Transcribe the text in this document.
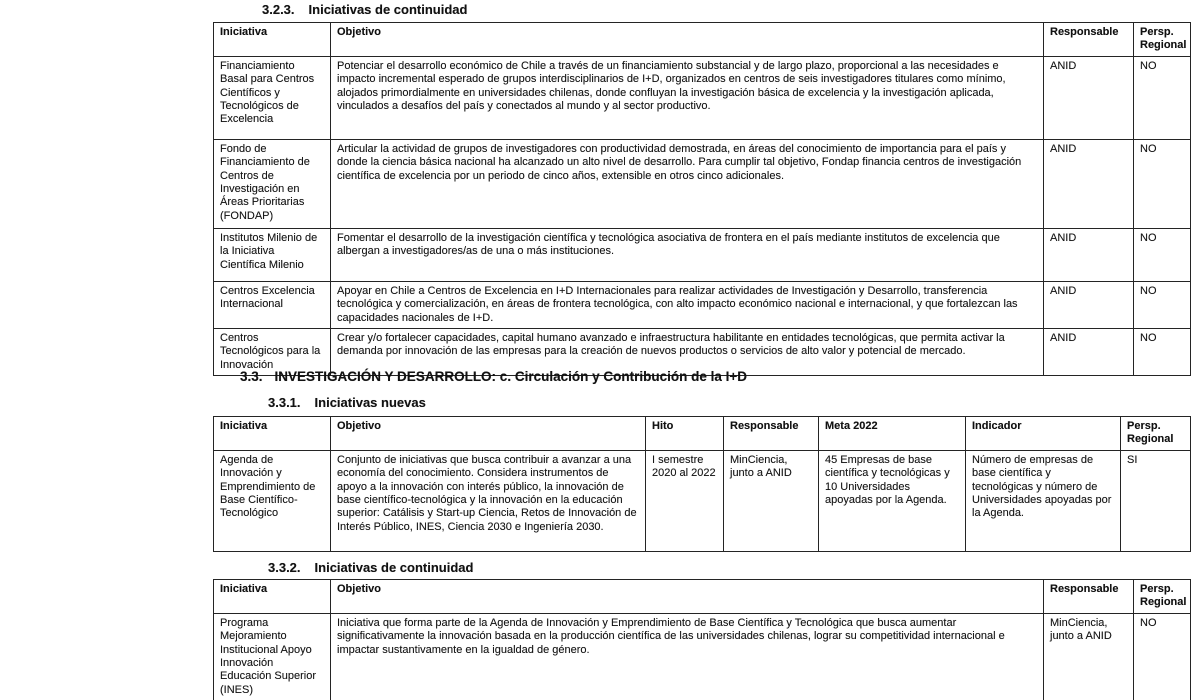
3.2.3. Iniciativas de continuidad
Iniciativa	Objetivo	Responsable	Persp. Regional
Financiamiento Basal para Centros Científicos y Tecnológicos de Excelencia	Potenciar el desarrollo económico de Chile a través de un financiamiento substancial y de largo plazo, proporcional a las necesidades e impacto incremental esperado de grupos interdisciplinarios de I+D, organizados en centros de seis investigadores titulares como mínimo, alojados primordialmente en universidades chilenas, donde confluyan la investigación básica de excelencia y la investigación aplicada, vinculados a desafíos del país y conectados al mundo y al sector productivo.	ANID	NO
Fondo de Financiamiento de Centros de Investigación en Áreas Prioritarias (FONDAP)	Articular la actividad de grupos de investigadores con productividad demostrada, en áreas del conocimiento de importancia para el país y donde la ciencia básica nacional ha alcanzado un alto nivel de desarrollo. Para cumplir tal objetivo, Fondap financia centros de investigación científica de excelencia por un periodo de cinco años, extensible en otros cinco adicionales.	ANID	NO
Institutos Milenio de la Iniciativa Científica Milenio	Fomentar el desarrollo de la investigación científica y tecnológica asociativa de frontera en el país mediante institutos de excelencia que albergan a investigadores/as de una o más instituciones.	ANID	NO
Centros Excelencia Internacional	Apoyar en Chile a Centros de Excelencia en I+D Internacionales para realizar actividades de Investigación y Desarrollo, transferencia tecnológica y comercialización, en áreas de frontera tecnológica, con alto impacto económico nacional e internacional, y que fortalezcan las capacidades nacionales de I+D.	ANID	NO
Centros Tecnológicos para la Innovación	Crear y/o fortalecer capacidades, capital humano avanzado e infraestructura habilitante en entidades tecnológicas, que permita activar la demanda por innovación de las empresas para la creación de nuevos productos o servicios de alto valor y potencial de mercado.	ANID	NO
3.3. INVESTIGACIÓN Y DESARROLLO: c. Circulación y Contribución de la I+D
3.3.1. Iniciativas nuevas
Iniciativa	Objetivo	Hito	Responsable	Meta 2022	Indicador	Persp. Regional
Agenda de Innovación y Emprendimiento de Base Científico-Tecnológico	Conjunto de iniciativas que busca contribuir a avanzar a una economía del conocimiento. Considera instrumentos de apoyo a la innovación con interés público, la innovación de base científico-tecnológica y la innovación en la educación superior: Catálisis y Start-up Ciencia, Retos de Innovación de Interés Público, INES, Ciencia 2030 e Ingeniería 2030.	I semestre 2020 al 2022	MinCiencia, junto a ANID	45 Empresas de base científica y tecnológicas y 10 Universidades apoyadas por la Agenda.	Número de empresas de base científica y tecnológicas y número de Universidades apoyadas por la Agenda.	SI
3.3.2. Iniciativas de continuidad
Iniciativa	Objetivo	Responsable	Persp. Regional
Programa Mejoramiento Institucional Apoyo Innovación Educación Superior (INES)	Iniciativa que forma parte de la Agenda de Innovación y Emprendimiento de Base Científica y Tecnológica que busca aumentar significativamente la innovación basada en la producción científica de las universidades chilenas, lograr su competitividad internacional e impactar sustantivamente en la igualdad de género.	MinCiencia, junto a ANID	NO
